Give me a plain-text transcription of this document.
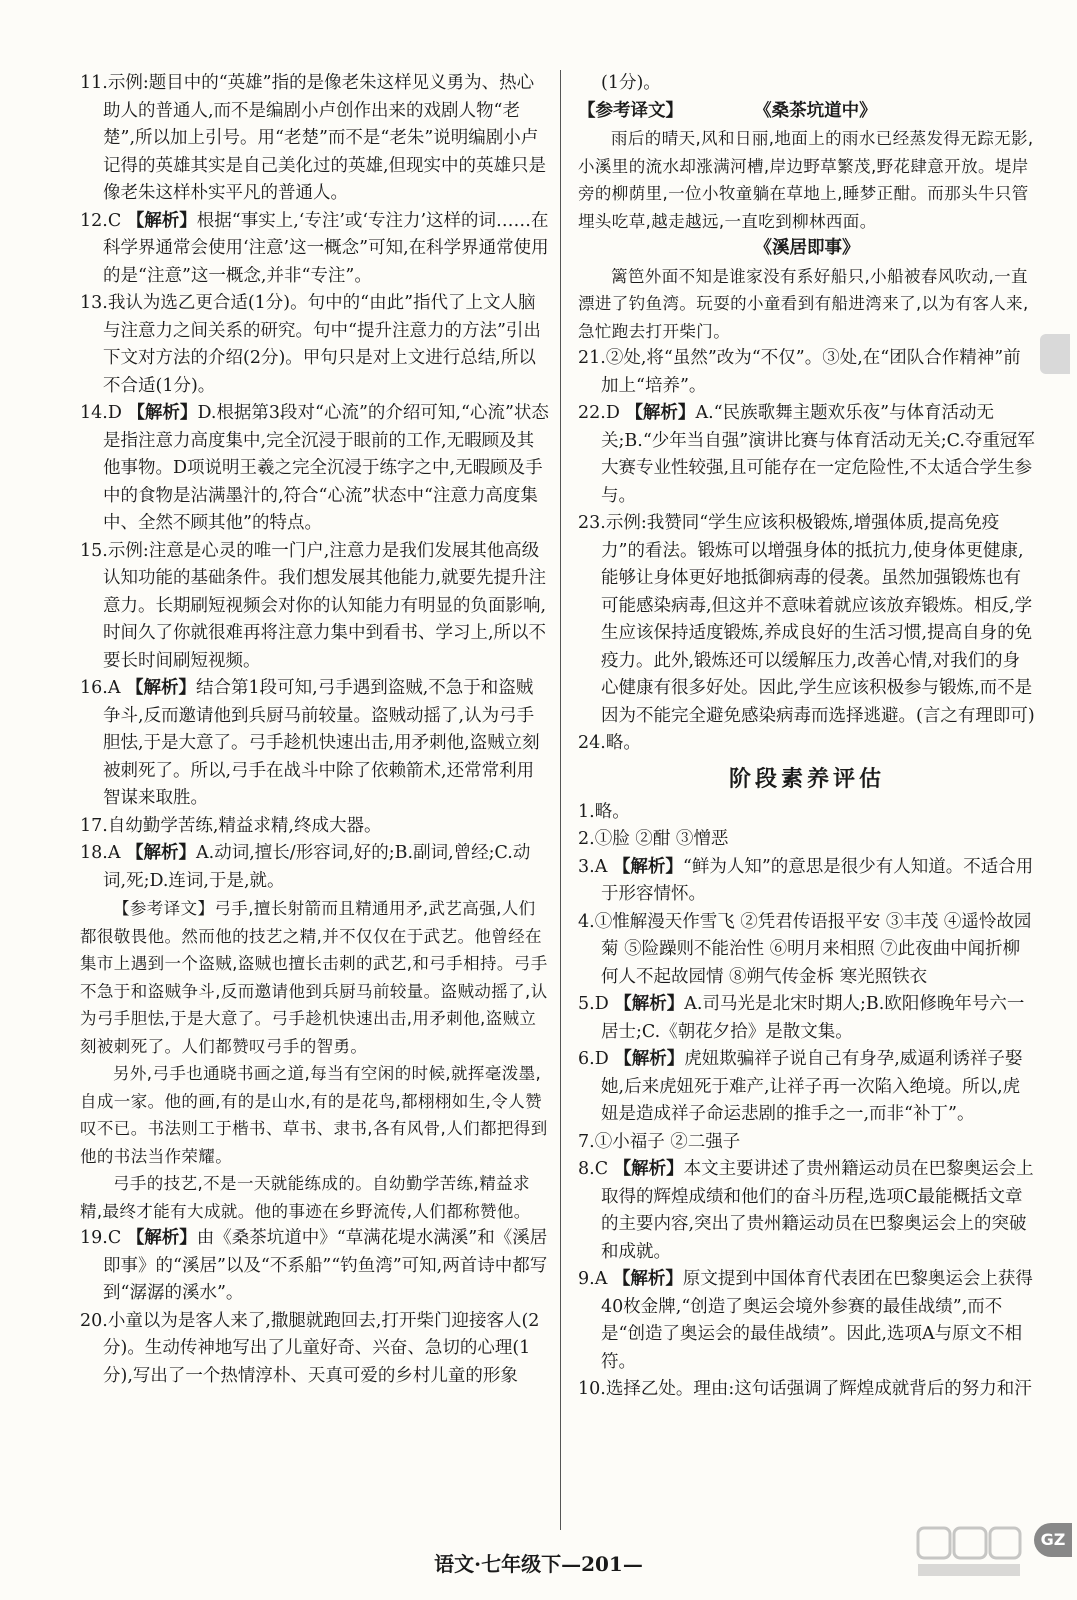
11.示例:题目中的“英雄”指的是像老朱这样见义勇为、热心助人的普通人,而不是编剧小卢创作出来的戏剧人物“老楚”,所以加上引号。用“老楚”而不是“老朱”说明编剧小卢记得的英雄其实是自己美化过的英雄,但现实中的英雄只是像老朱这样朴实平凡的普通人。

12.C 【解析】根据“事实上,‘专注’或‘专注力’这样的词……在科学界通常会使用‘注意’这一概念”可知,在科学界通常使用的是“注意”这一概念,并非“专注”。

13.我认为选乙更合适(1分)。句中的“由此”指代了上文人脑与注意力之间关系的研究。句中“提升注意力的方法”引出下文对方法的介绍(2分)。甲句只是对上文进行总结,所以不合适(1分)。

14.D 【解析】D.根据第3段对“心流”的介绍可知,“心流”状态是指注意力高度集中,完全沉浸于眼前的工作,无暇顾及其他事物。D项说明王羲之完全沉浸于练字之中,无暇顾及手中的食物是沾满墨汁的,符合“心流”状态中“注意力高度集中、全然不顾其他”的特点。

15.示例:注意是心灵的唯一门户,注意力是我们发展其他高级认知功能的基础条件。我们想发展其他能力,就要先提升注意力。长期刷短视频会对你的认知能力有明显的负面影响,时间久了你就很难再将注意力集中到看书、学习上,所以不要长时间刷短视频。

16.A 【解析】结合第1段可知,弓手遇到盗贼,不急于和盗贼争斗,反而邀请他到兵厨马前较量。盗贼动摇了,认为弓手胆怯,于是大意了。弓手趁机快速出击,用矛刺他,盗贼立刻被刺死了。所以,弓手在战斗中除了依赖箭术,还常常利用智谋来取胜。

17.自幼勤学苦练,精益求精,终成大器。

18.A 【解析】A.动词,擅长/形容词,好的;B.副词,曾经;C.动词,死;D.连词,于是,就。

【参考译文】弓手,擅长射箭而且精通用矛,武艺高强,人们都很敬畏他。然而他的技艺之精,并不仅仅在于武艺。他曾经在集市上遇到一个盗贼,盗贼也擅长击刺的武艺,和弓手相持。弓手不急于和盗贼争斗,反而邀请他到兵厨马前较量。盗贼动摇了,认为弓手胆怯,于是大意了。弓手趁机快速出击,用矛刺他,盗贼立刻被刺死了。人们都赞叹弓手的智勇。

另外,弓手也通晓书画之道,每当有空闲的时候,就挥毫泼墨,自成一家。他的画,有的是山水,有的是花鸟,都栩栩如生,令人赞叹不已。书法则工于楷书、草书、隶书,各有风骨,人们都把得到他的书法当作荣耀。

弓手的技艺,不是一天就能练成的。自幼勤学苦练,精益求精,最终才能有大成就。他的事迹在乡野流传,人们都称赞他。

19.C 【解析】由《桑茶坑道中》“草满花堤水满溪”和《溪居即事》的“溪居”以及“不系船”“钓鱼湾”可知,两首诗中都写到“潺潺的溪水”。

20.小童以为是客人来了,撒腿就跑回去,打开柴门迎接客人(2分)。生动传神地写出了儿童好奇、兴奋、急切的心理(1分),写出了一个热情淳朴、天真可爱的乡村儿童的形象

(1分)。

【参考译文】	《桑茶坑道中》

雨后的晴天,风和日丽,地面上的雨水已经蒸发得无踪无影,小溪里的流水却涨满河槽,岸边野草繁茂,野花肆意开放。堤岸旁的柳荫里,一位小牧童躺在草地上,睡梦正酣。而那头牛只管埋头吃草,越走越远,一直吃到柳林西面。

《溪居即事》

篱笆外面不知是谁家没有系好船只,小船被春风吹动,一直漂进了钓鱼湾。玩耍的小童看到有船进湾来了,以为有客人来,急忙跑去打开柴门。

21.②处,将“虽然”改为“不仅”。③处,在“团队合作精神”前加上“培养”。

22.D 【解析】A.“民族歌舞主题欢乐夜”与体育活动无关;B.“少年当自强”演讲比赛与体育活动无关;C.夺重冠军大赛专业性较强,且可能存在一定危险性,不太适合学生参与。

23.示例:我赞同“学生应该积极锻炼,增强体质,提高免疫力”的看法。锻炼可以增强身体的抵抗力,使身体更健康,能够让身体更好地抵御病毒的侵袭。虽然加强锻炼也有可能感染病毒,但这并不意味着就应该放弃锻炼。相反,学生应该保持适度锻炼,养成良好的生活习惯,提高自身的免疫力。此外,锻炼还可以缓解压力,改善心情,对我们的身心健康有很多好处。因此,学生应该积极参与锻炼,而不是因为不能完全避免感染病毒而选择逃避。(言之有理即可)

24.略。

阶段素养评估

1.略。

2.①脸 ②酣 ③憎恶

3.A 【解析】“鲜为人知”的意思是很少有人知道。不适合用于形容情怀。

4.①惟解漫天作雪飞 ②凭君传语报平安 ③丰茂 ④遥怜故园菊 ⑤险躁则不能治性 ⑥明月来相照 ⑦此夜曲中闻折柳 何人不起故园情 ⑧朔气传金柝 寒光照铁衣

5.D 【解析】A.司马光是北宋时期人;B.欧阳修晚年号六一居士;C.《朝花夕拾》是散文集。

6.D 【解析】虎妞欺骗祥子说自己有身孕,威逼利诱祥子娶她,后来虎妞死于难产,让祥子再一次陷入绝境。所以,虎妞是造成祥子命运悲剧的推手之一,而非“补丁”。

7.①小福子 ②二强子

8.C 【解析】本文主要讲述了贵州籍运动员在巴黎奥运会上取得的辉煌成绩和他们的奋斗历程,选项C最能概括文章的主要内容,突出了贵州籍运动员在巴黎奥运会上的突破和成就。

9.A 【解析】原文提到中国体育代表团在巴黎奥运会上获得40枚金牌,“创造了奥运会境外参赛的最佳战绩”,而不是“创造了奥运会的最佳战绩”。因此,选项A与原文不相符。

10.选择乙处。理由:这句话强调了辉煌成就背后的努力和汗

语文·七年级下—201—
GZ
